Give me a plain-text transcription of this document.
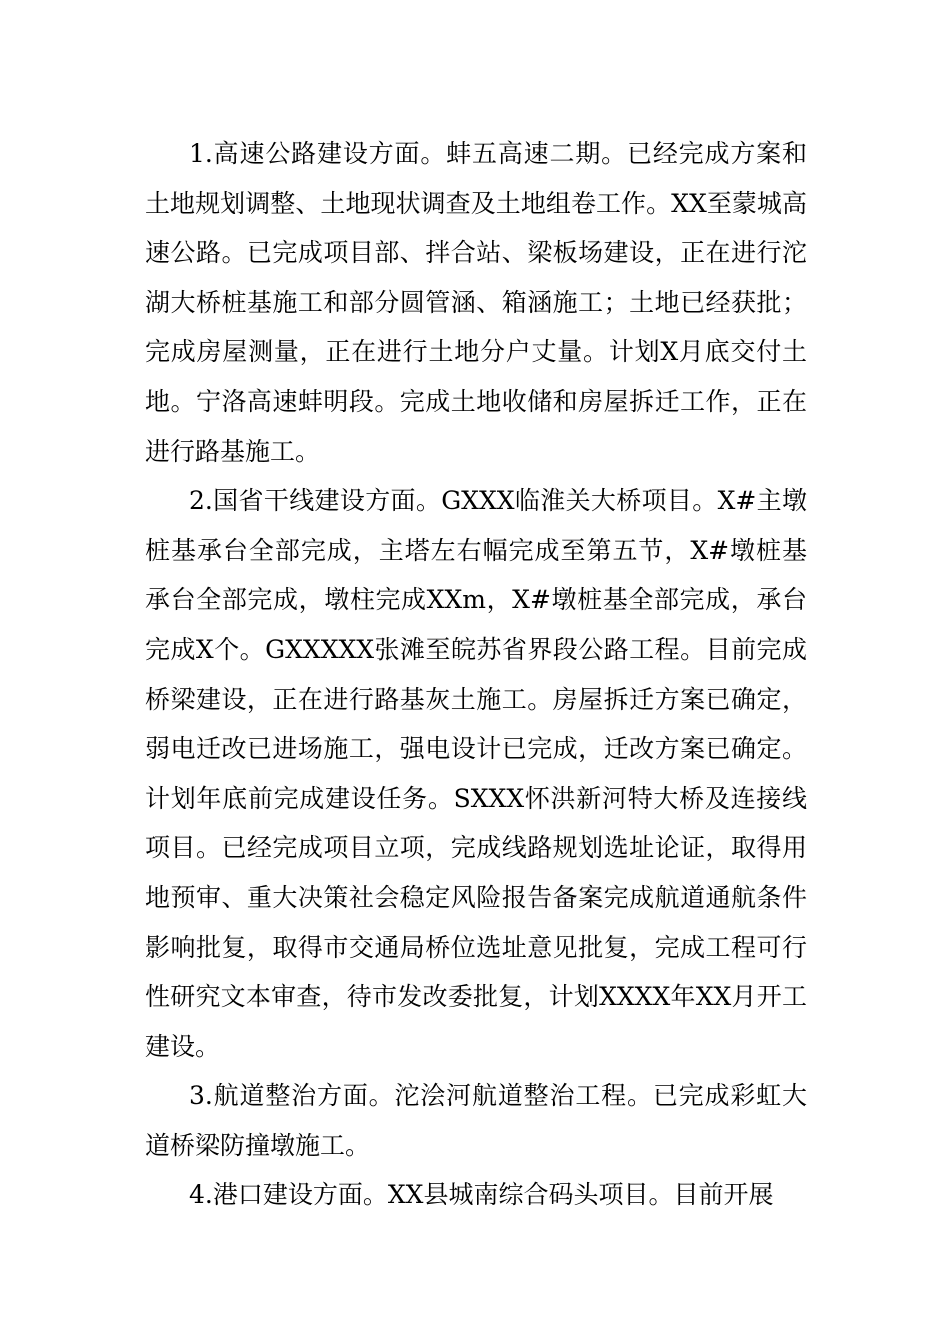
1.高速公路建设方面。蚌五高速二期。已经完成方案和土地规划调整、土地现状调查及土地组卷工作。XX至蒙城高速公路。已完成项目部、拌合站、梁板场建设，正在进行沱湖大桥桩基施工和部分圆管涵、箱涵施工；土地已经获批；完成房屋测量，正在进行土地分户丈量。计划X月底交付土地。宁洛高速蚌明段。完成土地收储和房屋拆迁工作，正在进行路基施工。

2.国省干线建设方面。GXXX临淮关大桥项目。X#主墩桩基承台全部完成，主塔左右幅完成至第五节，X#墩桩基承台全部完成，墩柱完成XXm，X#墩桩基全部完成，承台完成X个。GXXXXX张滩至皖苏省界段公路工程。目前完成桥梁建设，正在进行路基灰土施工。房屋拆迁方案已确定，弱电迁改已进场施工，强电设计已完成，迁改方案已确定。计划年底前完成建设任务。SXXX怀洪新河特大桥及连接线项目。已经完成项目立项，完成线路规划选址论证，取得用地预审、重大决策社会稳定风险报告备案完成航道通航条件影响批复，取得市交通局桥位选址意见批复，完成工程可行性研究文本审查，待市发改委批复，计划XXXX年XX月开工建设。

3.航道整治方面。沱浍河航道整治工程。已完成彩虹大道桥梁防撞墩施工。

4.港口建设方面。XX县城南综合码头项目。目前开展
